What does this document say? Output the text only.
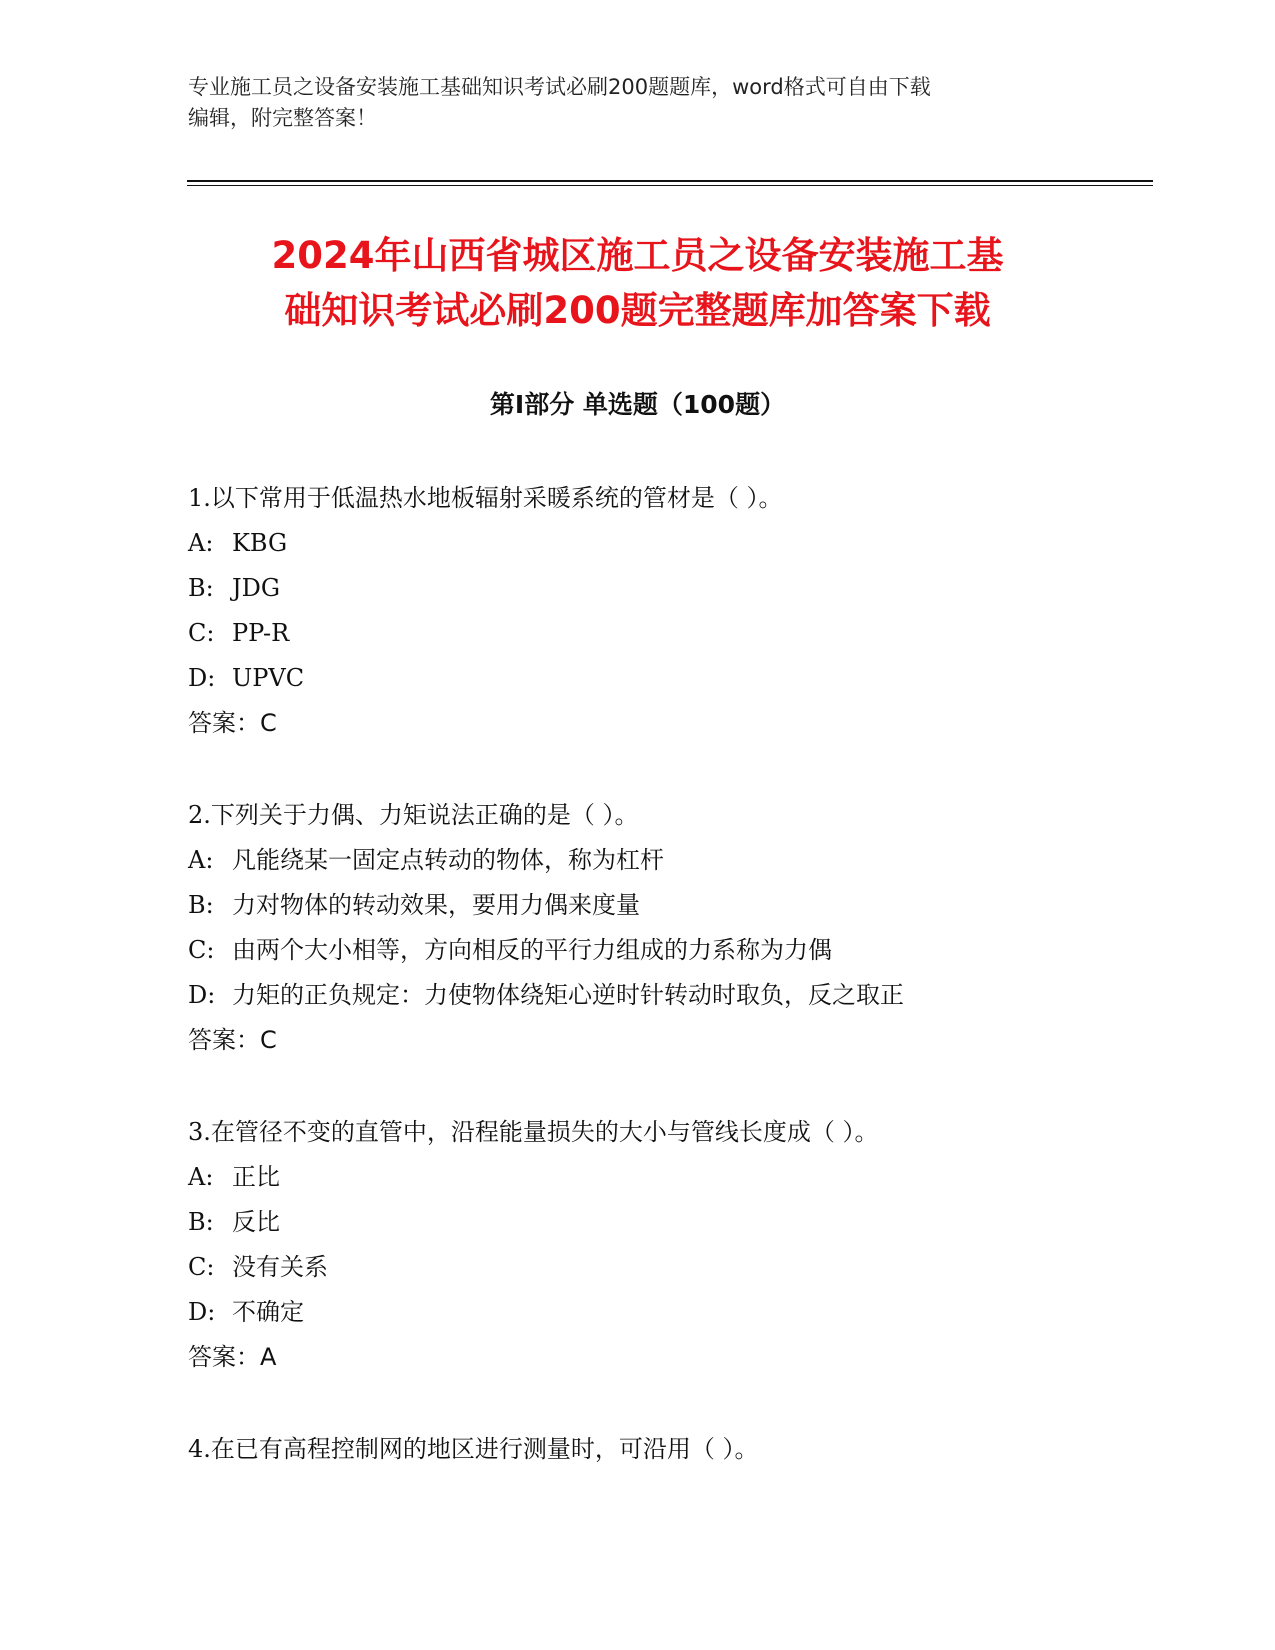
专业施工员之设备安装施工基础知识考试必刷200题题库，word格式可自由下载
编辑，附完整答案！
2024年山西省城区施工员之设备安装施工基
础知识考试必刷200题完整题库加答案下载
第Ⅰ部分 单选题（100题）
1.以下常用于低温热水地板辐射采暖系统的管材是（ ）。
A: KBG
B: JDG
C: PP-R
D: UPVC
答案：C
2.下列关于力偶、力矩说法正确的是（ ）。
A: 凡能绕某一固定点转动的物体，称为杠杆
B: 力对物体的转动效果，要用力偶来度量
C: 由两个大小相等，方向相反的平行力组成的力系称为力偶
D: 力矩的正负规定：力使物体绕矩心逆时针转动时取负，反之取正
答案：C
3.在管径不变的直管中，沿程能量损失的大小与管线长度成（ ）。
A: 正比
B: 反比
C: 没有关系
D: 不确定
答案：A
4.在已有高程控制网的地区进行测量时，可沿用（ ）。
